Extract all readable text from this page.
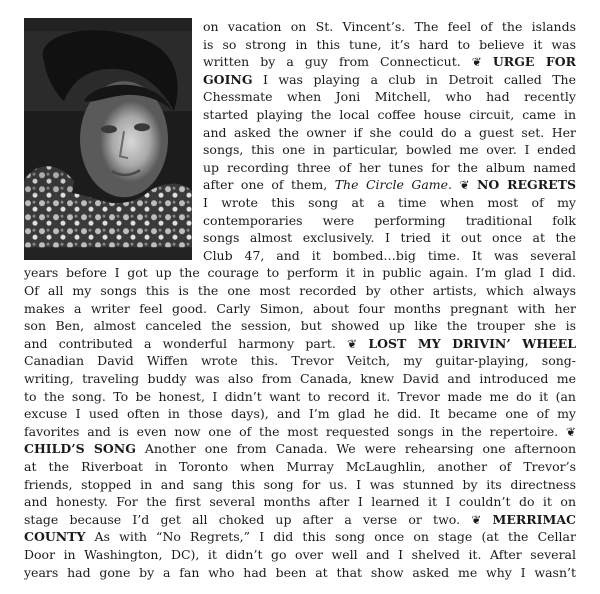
on vacation on St. Vincent’s. The feel of the islands
is so strong in this tune, it’s hard to believe it was
written by a guy from Connecticut. ❦ URGE FOR
GOING I was playing a club in Detroit called The
Chessmate when Joni Mitchell, who had recently
started playing the local coffee house circuit, came in
and asked the owner if she could do a guest set. Her
songs, this one in particular, bowled me over. I ended
up recording three of her tunes for the album named
after one of them, The Circle Game. ❦ NO REGRETS
I wrote this song at a time when most of my
contemporaries were performing traditional folk
songs almost exclusively. I tried it out once at the
Club 47, and it bombed…big time. It was several
years before I got up the courage to perform it in public again. I’m glad I did.
Of all my songs this is the one most recorded by other artists, which always
makes a writer feel good. Carly Simon, about four months pregnant with her
son Ben, almost canceled the session, but showed up like the trouper she is
and contributed a wonderful harmony part. ❦ LOST MY DRIVIN’ WHEEL
Canadian David Wiffen wrote this. Trevor Veitch, my guitar-playing, song-
writing, traveling buddy was also from Canada, knew David and introduced me
to the song. To be honest, I didn’t want to record it. Trevor made me do it (an
excuse I used often in those days), and I’m glad he did. It became one of my
favorites and is even now one of the most requested songs in the repertoire. ❦
CHILD’S SONG Another one from Canada. We were rehearsing one afternoon
at the Riverboat in Toronto when Murray McLaughlin, another of Trevor’s
friends, stopped in and sang this song for us. I was stunned by its directness
and honesty. For the first several months after I learned it I couldn’t do it on
stage because I’d get all choked up after a verse or two. ❦ MERRIMAC
COUNTY As with “No Regrets,” I did this song once on stage (at the Cellar
Door in Washington, DC), it didn’t go over well and I shelved it. After several
years had gone by a fan who had been at that show asked me why I wasn’t
